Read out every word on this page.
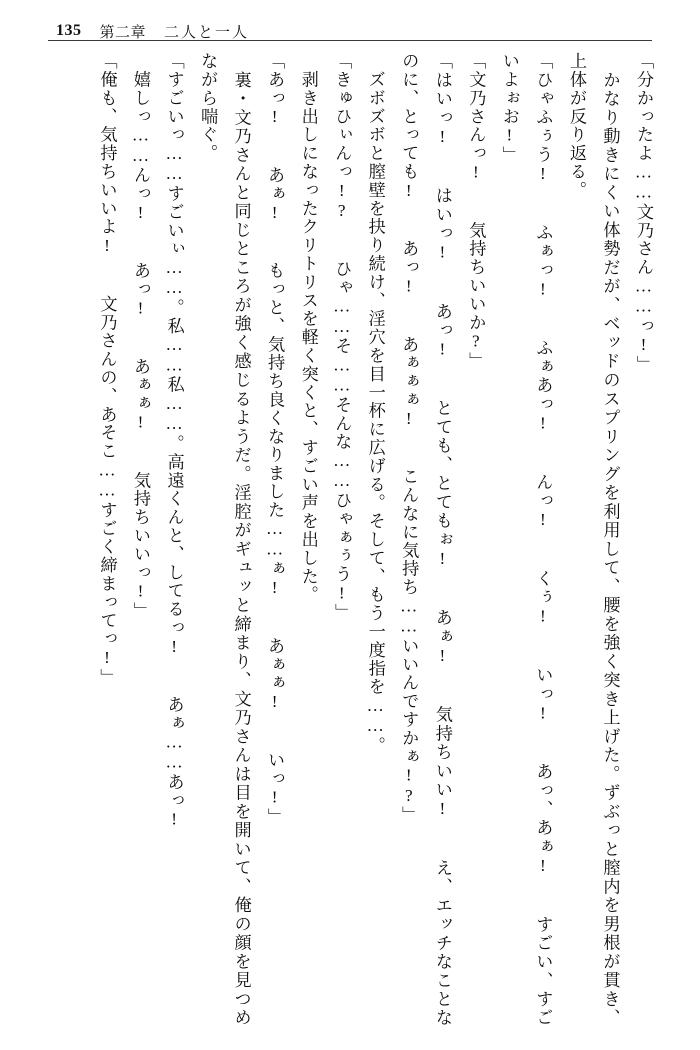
135 第二章 二人と一人

「分かったよ……文乃さん……っ!」

　かなり動きにくい体勢だが、ベッドのスプリングを利用して、腰を強く突き上げた。ずぶっと膣内を男根が貫き、上体が反り返る。

「ひゃふぅう! 　ふぁっ! 　ふぁあっ! 　んっ! 　くぅ! 　いっ! 　あっ、あぁ! 　すごい、すごいよぉお!」

「文乃さんっ! 　気持ちいいか?」

「はいっ! 　はいっ! 　あっ! 　とても、とてもぉ! 　あぁ! 　気持ちいい! 　え、エッチなことなのに、とっても! 　あっ! 　あぁぁぁ! 　こんなに気持ち……いいんですかぁ!?」

　ズボズボと膣壁を抉り続け、淫穴を目一杯に広げる。そして、もう一度指を……。

「きゅひぃんっ!? 　ひゃ……そ……そんな……ひゃぁぅう!」

　剥き出しになったクリトリスを軽く突くと、すごい声を出した。

「あっ! 　あぁ! 　もっと、気持ち良くなりました……ぁ! 　あぁぁ! 　いっ!」

　裏・文乃さんと同じところが強く感じるようだ。淫腔がギュッと締まり、文乃さんは目を開いて、俺の顔を見つめながら喘ぐ。

「すごいっ……すごいぃ……。私……私……。高遠くんと、してるっ! 　あぁ……あっ!

　嬉しっ……んっ! 　あっ! 　あぁぁ! 　気持ちいいっ!」

「俺も、気持ちいいよ! 　文乃さんの、あそこ……すごく締まってっ!」
